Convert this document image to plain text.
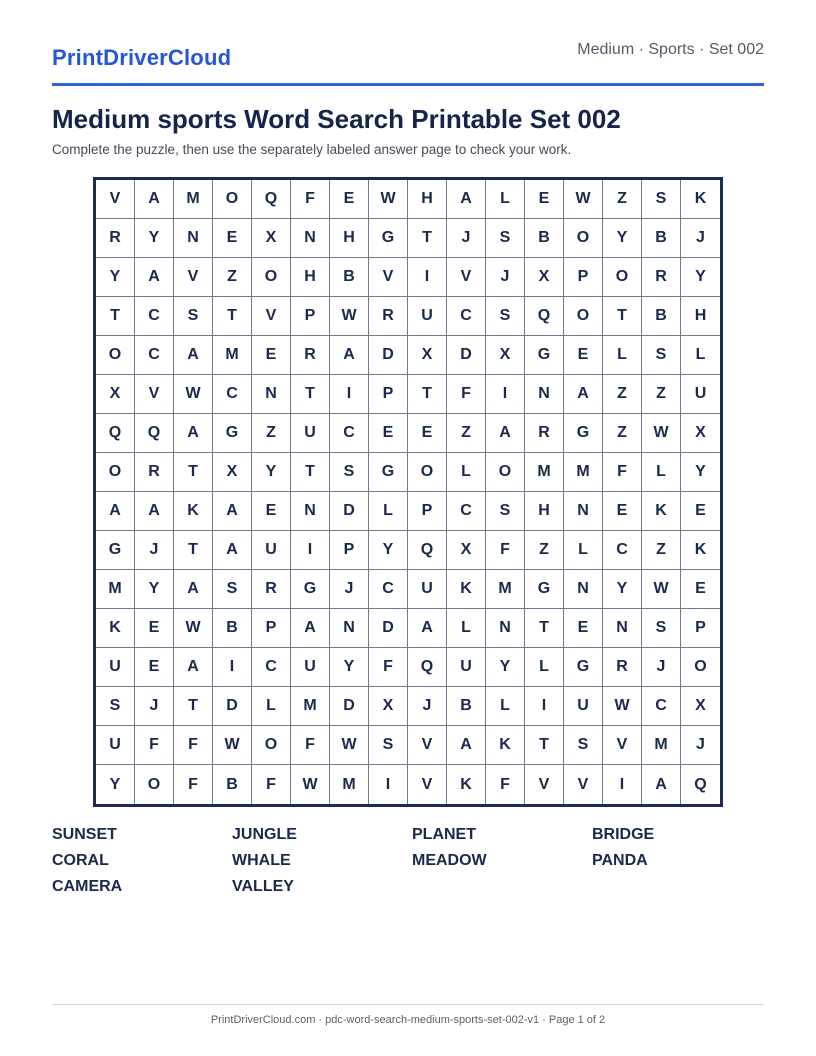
PrintDriverCloud	Medium · Sports · Set 002
Medium sports Word Search Printable Set 002

Complete the puzzle, then use the separately labeled answer page to check your work.

V	A	M	O	Q	F	E	W	H	A	L	E	W	Z	S	K
R	Y	N	E	X	N	H	G	T	J	S	B	O	Y	B	J
Y	A	V	Z	O	H	B	V	I	V	J	X	P	O	R	Y
T	C	S	T	V	P	W	R	U	C	S	Q	O	T	B	H
O	C	A	M	E	R	A	D	X	D	X	G	E	L	S	L
X	V	W	C	N	T	I	P	T	F	I	N	A	Z	Z	U
Q	Q	A	G	Z	U	C	E	E	Z	A	R	G	Z	W	X
O	R	T	X	Y	T	S	G	O	L	O	M	M	F	L	Y
A	A	K	A	E	N	D	L	P	C	S	H	N	E	K	E
G	J	T	A	U	I	P	Y	Q	X	F	Z	L	C	Z	K
M	Y	A	S	R	G	J	C	U	K	M	G	N	Y	W	E
K	E	W	B	P	A	N	D	A	L	N	T	E	N	S	P
U	E	A	I	C	U	Y	F	Q	U	Y	L	G	R	J	O
S	J	T	D	L	M	D	X	J	B	L	I	U	W	C	X
U	F	F	W	O	F	W	S	V	A	K	T	S	V	M	J
Y	O	F	B	F	W	M	I	V	K	F	V	V	I	A	Q
SUNSET	JUNGLE	PLANET	BRIDGE
CORAL	WHALE	MEADOW	PANDA
CAMERA	VALLEY
PrintDriverCloud.com · pdc-word-search-medium-sports-set-002-v1 · Page 1 of 2
